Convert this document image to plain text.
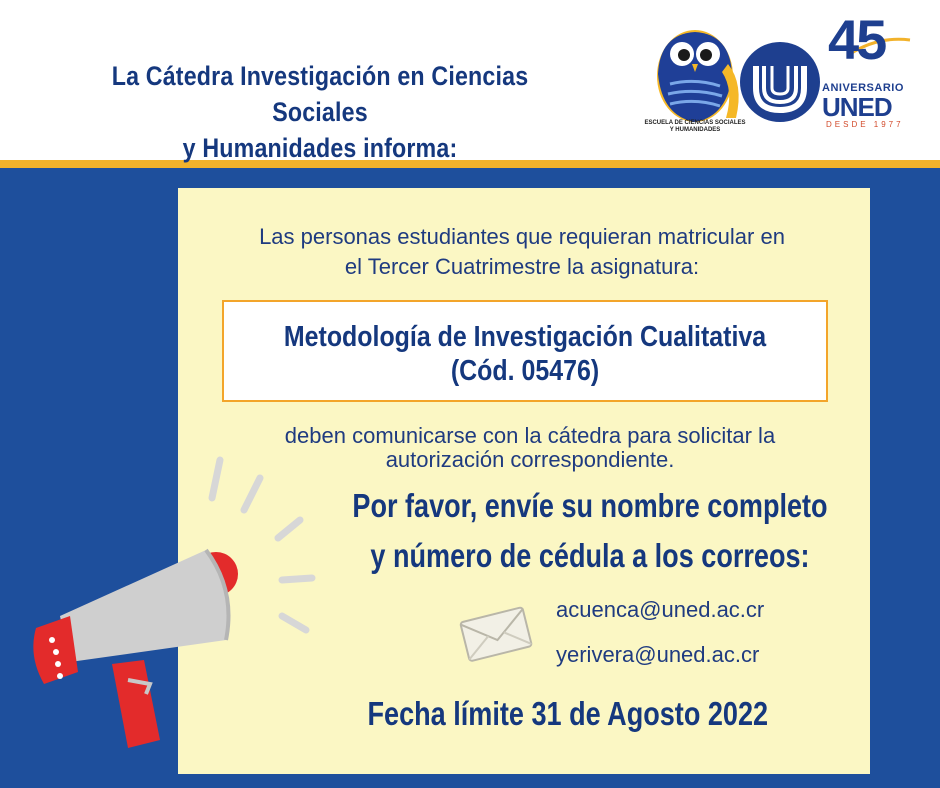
La Cátedra Investigación en Ciencias Sociales
y Humanidades informa:
ESCUELA DE CIENCIAS SOCIALES
Y HUMANIDADES
45
ANIVERSARIO
UNED
DESDE 1977
Las personas estudiantes que requieran matricular en
el Tercer Cuatrimestre la asignatura:
Metodología de Investigación Cualitativa
(Cód. 05476)
deben comunicarse con la cátedra para solicitar la
autorización correspondiente.
Por favor, envíe su nombre completo
y número de cédula a los correos:
acuenca@uned.ac.cr
yerivera@uned.ac.cr
Fecha límite 31 de Agosto 2022
